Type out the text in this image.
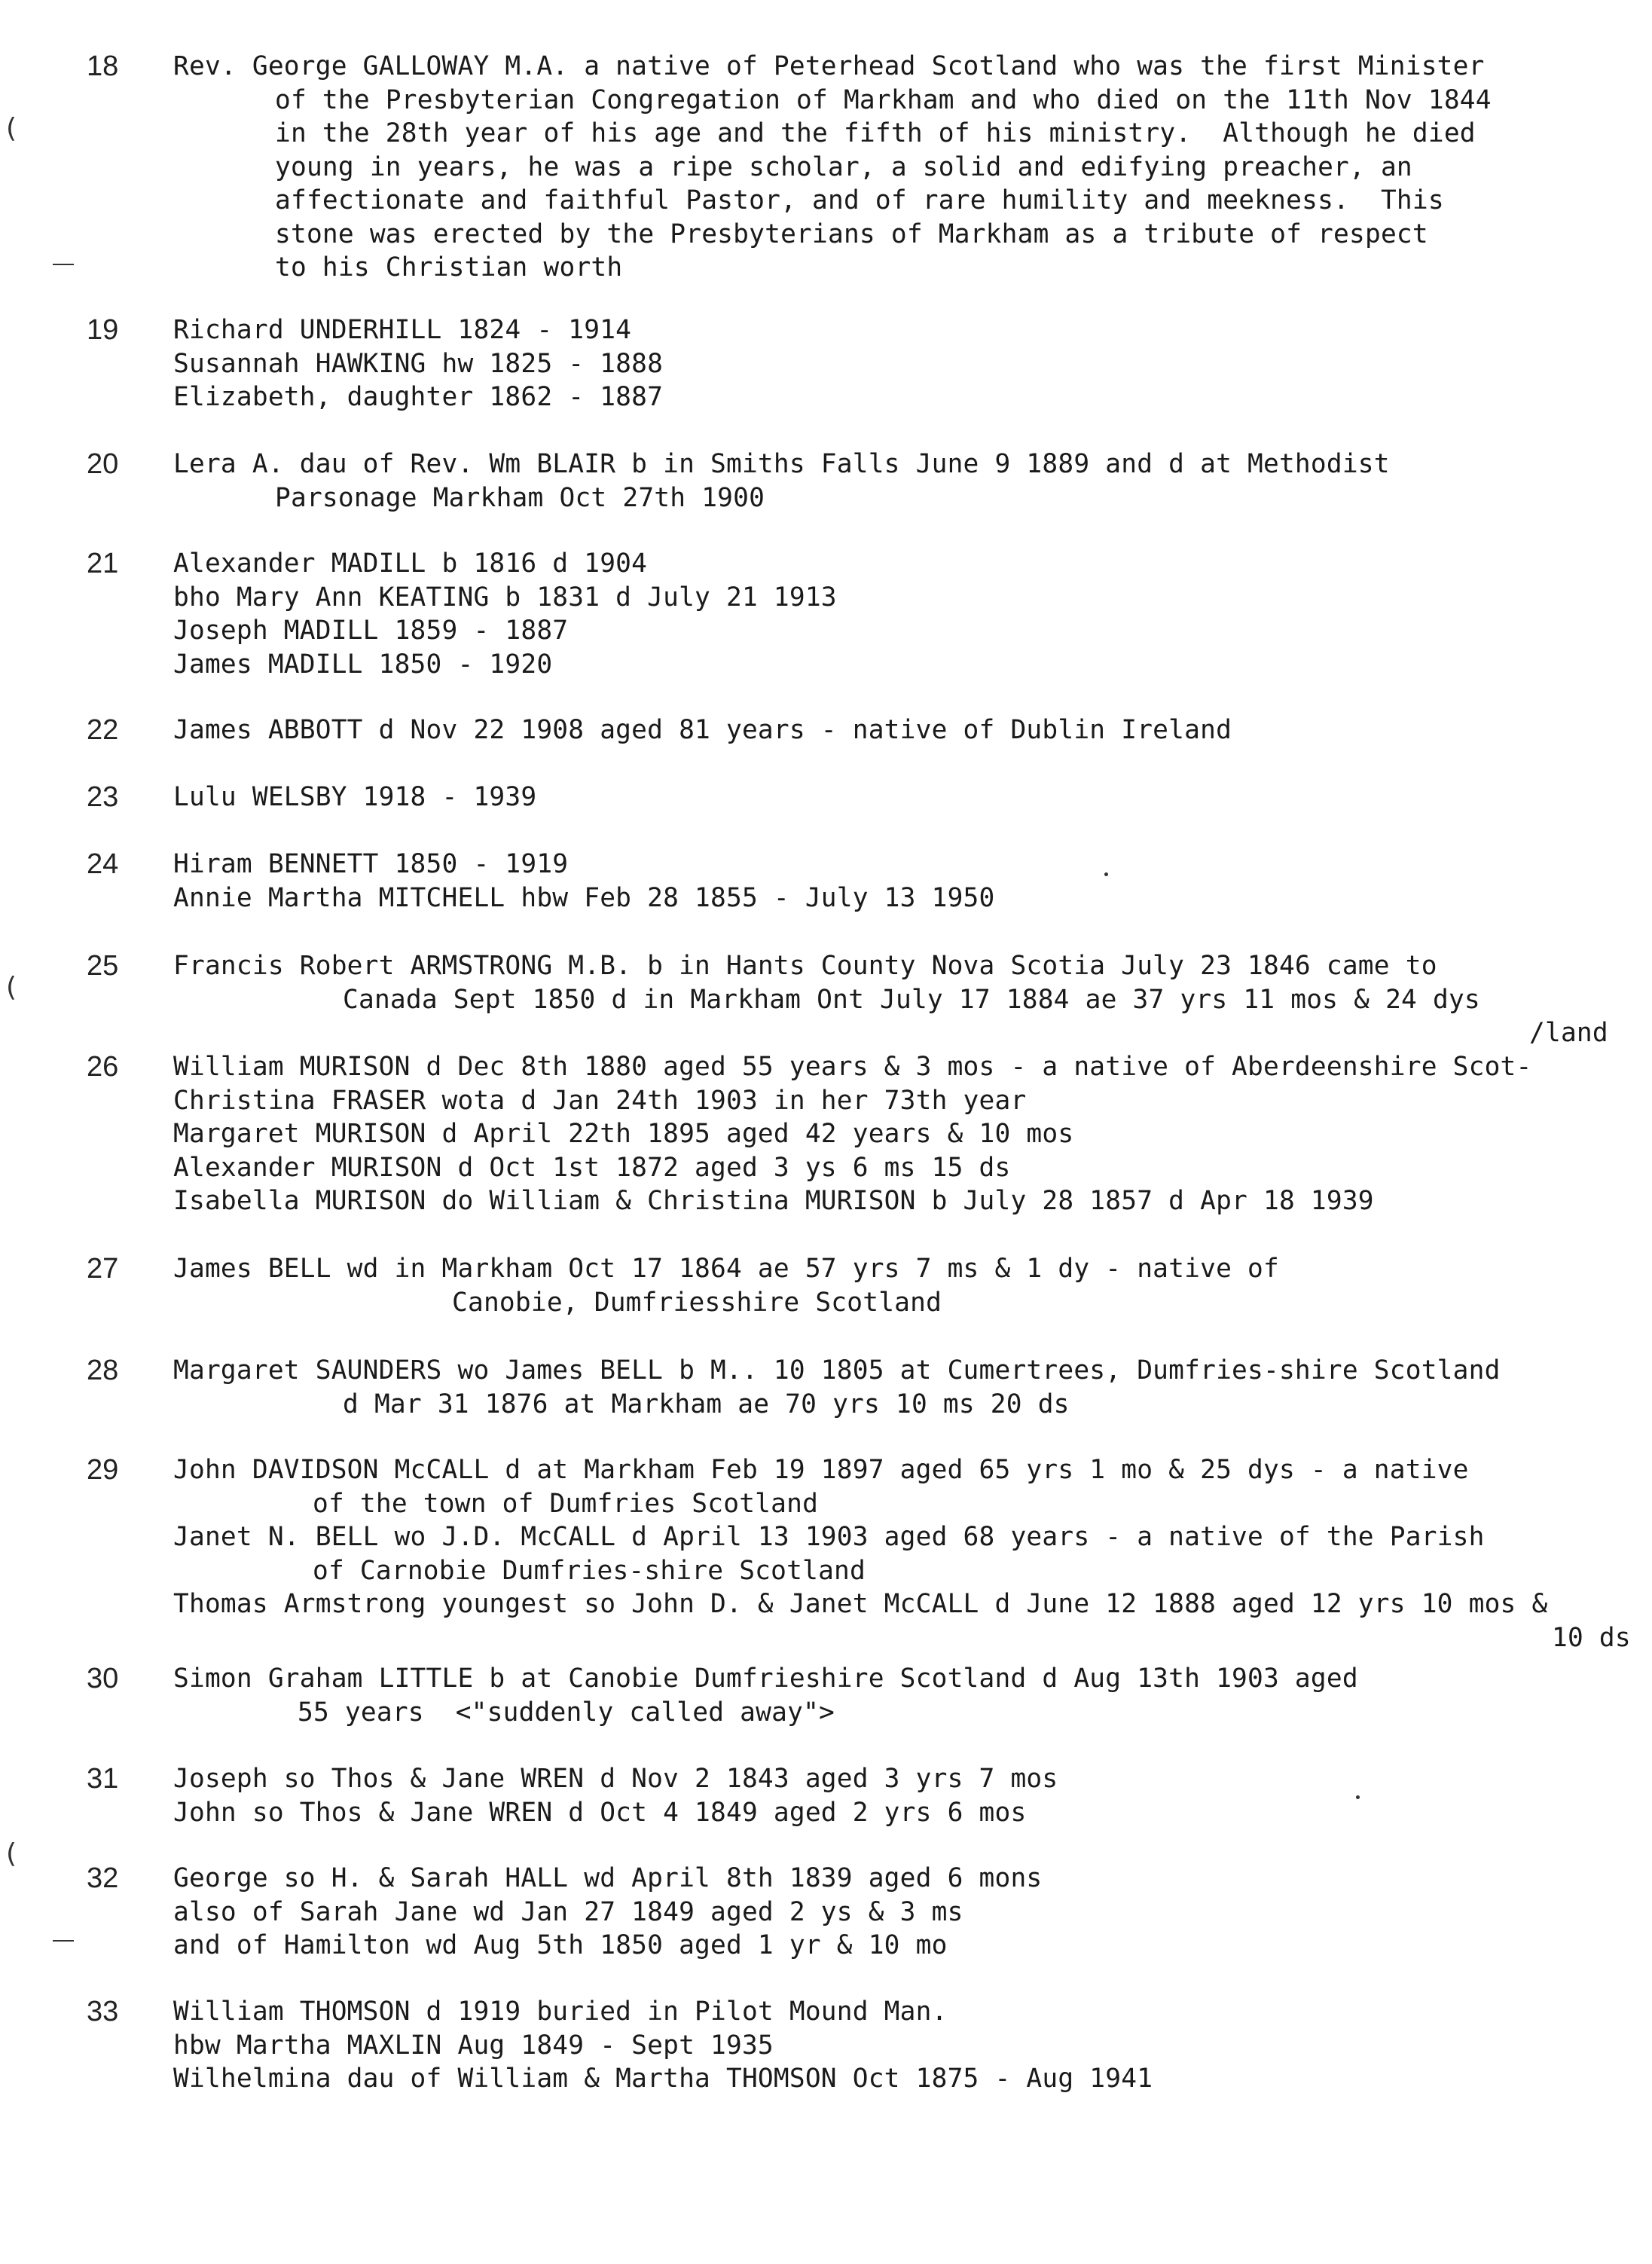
18 Rev. George GALLOWAY M.A. a native of Peterhead Scotland who was the first Minister
of the Presbyterian Congregation of Markham and who died on the 11th Nov 1844
in the 28th year of his age and the fifth of his ministry.  Although he died
young in years, he was a ripe scholar, a solid and edifying preacher, an
affectionate and faithful Pastor, and of rare humility and meekness.  This
stone was erected by the Presbyterians of Markham as a tribute of respect
to his Christian worth
19 Richard UNDERHILL 1824 - 1914
Susannah HAWKING hw 1825 - 1888
Elizabeth, daughter 1862 - 1887
20 Lera A. dau of Rev. Wm BLAIR b in Smiths Falls June 9 1889 and d at Methodist
Parsonage Markham Oct 27th 1900
21 Alexander MADILL b 1816 d 1904
bho Mary Ann KEATING b 1831 d July 21 1913
Joseph MADILL 1859 - 1887
James MADILL 1850 - 1920
22 James ABBOTT d Nov 22 1908 aged 81 years - native of Dublin Ireland
23 Lulu WELSBY 1918 - 1939
24 Hiram BENNETT 1850 - 1919
Annie Martha MITCHELL hbw Feb 28 1855 - July 13 1950
25 Francis Robert ARMSTRONG M.B. b in Hants County Nova Scotia July 23 1846 came to
Canada Sept 1850 d in Markham Ont July 17 1884 ae 37 yrs 11 mos & 24 dys
/land
26 William MURISON d Dec 8th 1880 aged 55 years & 3 mos - a native of Aberdeenshire Scot-
Christina FRASER wota d Jan 24th 1903 in her 73th year
Margaret MURISON d April 22th 1895 aged 42 years & 10 mos
Alexander MURISON d Oct 1st 1872 aged 3 ys 6 ms 15 ds
Isabella MURISON do William & Christina MURISON b July 28 1857 d Apr 18 1939
27 James BELL wd in Markham Oct 17 1864 ae 57 yrs 7 ms & 1 dy - native of
Canobie, Dumfriesshire Scotland
28 Margaret SAUNDERS wo James BELL b M.. 10 1805 at Cumertrees, Dumfries-shire Scotland
d Mar 31 1876 at Markham ae 70 yrs 10 ms 20 ds
29 John DAVIDSON McCALL d at Markham Feb 19 1897 aged 65 yrs 1 mo & 25 dys - a native
of the town of Dumfries Scotland
Janet N. BELL wo J.D. McCALL d April 13 1903 aged 68 years - a native of the Parish
of Carnobie Dumfries-shire Scotland
Thomas Armstrong youngest so John D. & Janet McCALL d June 12 1888 aged 12 yrs 10 mos &
10 ds
30 Simon Graham LITTLE b at Canobie Dumfrieshire Scotland d Aug 13th 1903 aged
55 years  <"suddenly called away">
31 Joseph so Thos & Jane WREN d Nov 2 1843 aged 3 yrs 7 mos
John so Thos & Jane WREN d Oct 4 1849 aged 2 yrs 6 mos
32 George so H. & Sarah HALL wd April 8th 1839 aged 6 mons
also of Sarah Jane wd Jan 27 1849 aged 2 ys & 3 ms
and of Hamilton wd Aug 5th 1850 aged 1 yr & 10 mo
33 William THOMSON d 1919 buried in Pilot Mound Man.
hbw Martha MAXLIN Aug 1849 - Sept 1935
Wilhelmina dau of William & Martha THOMSON Oct 1875 - Aug 1941
(
(
(
